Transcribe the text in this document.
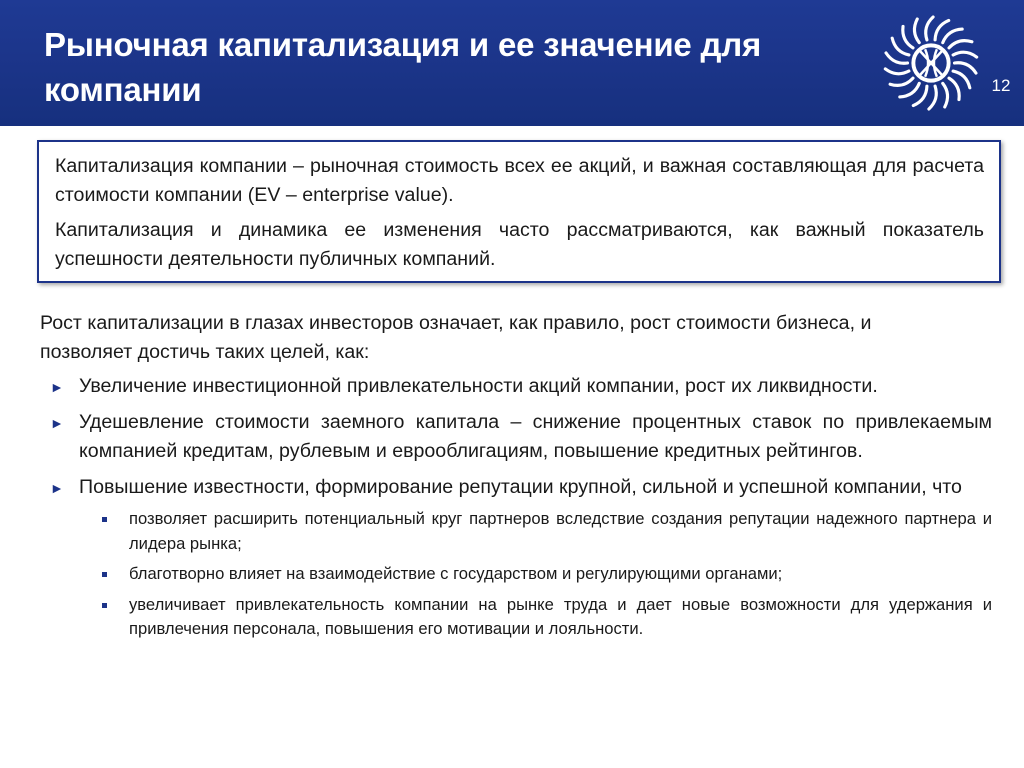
Рыночная капитализация и ее значение для компании	12

Капитализация компании – рыночная стоимость всех ее акций, и важная составляющая для расчета стоимости компании (EV – enterprise value).

Капитализация и динамика ее изменения часто рассматриваются, как важный показатель успешности деятельности публичных компаний.

Рост капитализации в глазах инвесторов означает, как правило, рост стоимости бизнеса, и позволяет достичь таких целей, как:

► Увеличение инвестиционной привлекательности акций компании, рост их ликвидности.
► Удешевление стоимости заемного капитала – снижение процентных ставок по привлекаемым компанией кредитам, рублевым и еврооблигациям, повышение кредитных рейтингов.
► Повышение известности, формирование репутации крупной, сильной и успешной компании, что
позволяет расширить потенциальный круг партнеров вследствие создания репутации надежного партнера и лидера рынка;
благотворно влияет на взаимодействие с государством и регулирующими органами;
увеличивает привлекательность компании на рынке труда и дает новые возможности для удержания и привлечения персонала, повышения его мотивации и лояльности.
